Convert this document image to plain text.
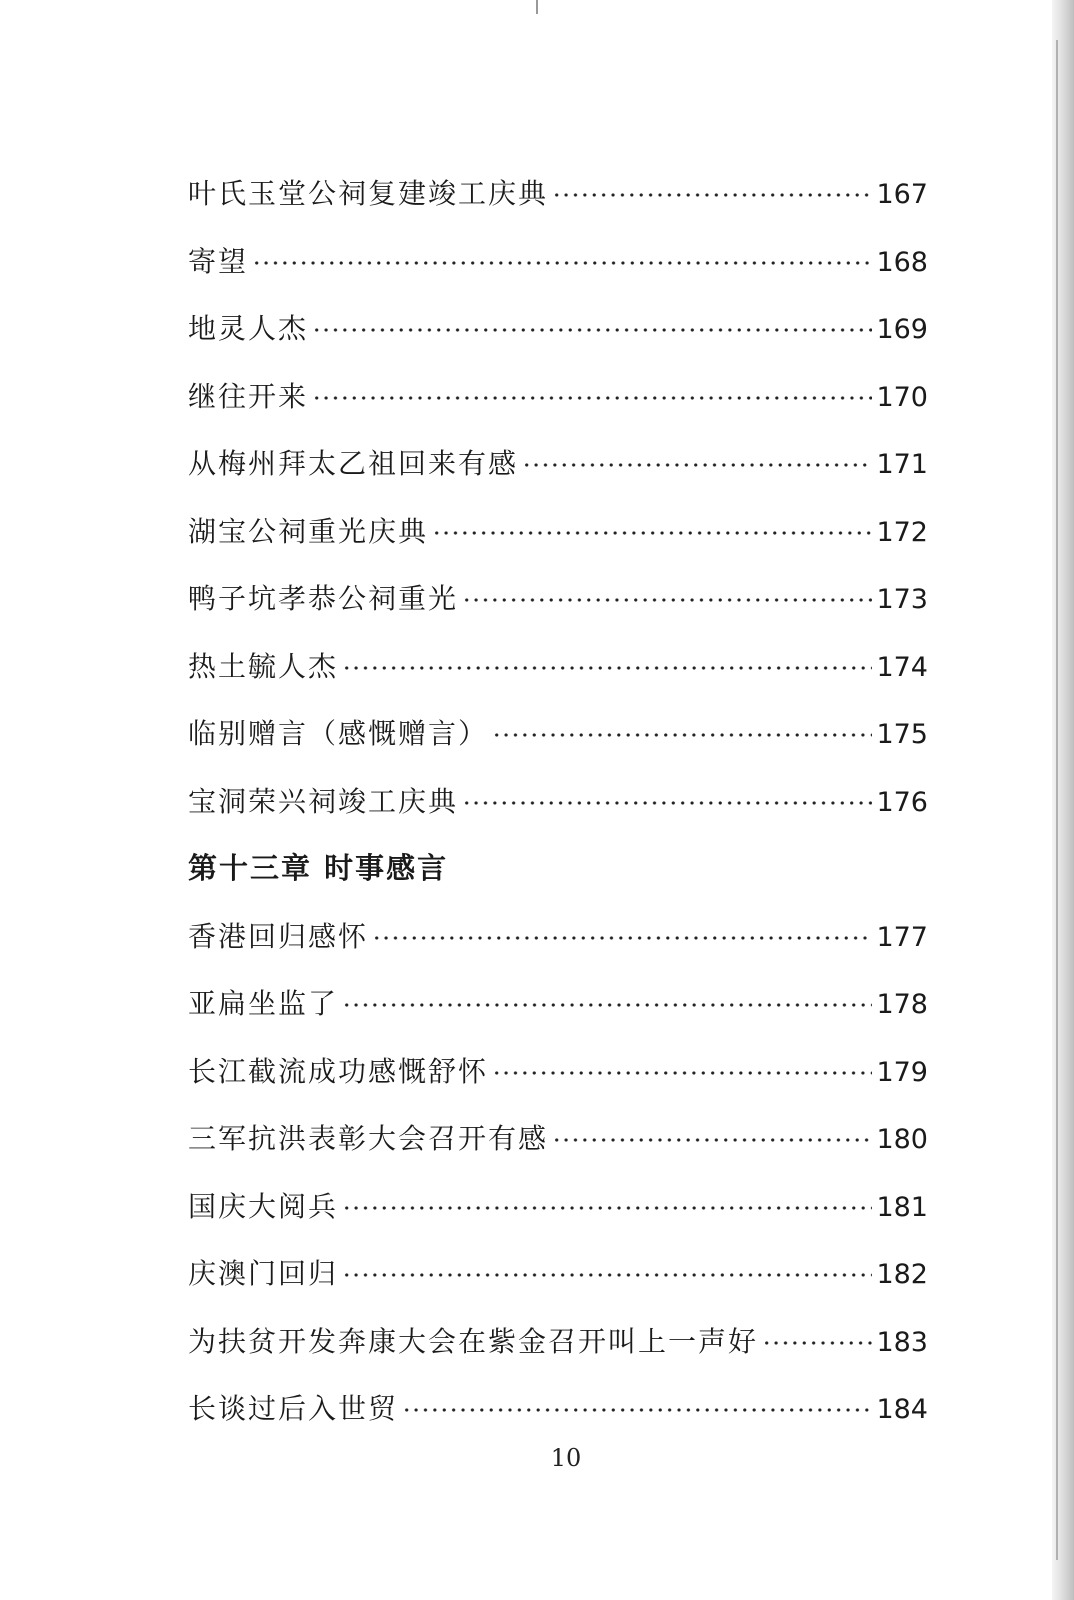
叶氏玉堂公祠复建竣工庆典	167
寄望	168
地灵人杰	169
继往开来	170
从梅州拜太乙祖回来有感	171
湖宝公祠重光庆典	172
鸭子坑孝恭公祠重光	173
热土毓人杰	174
临别赠言（感慨赠言）	175
宝洞荣兴祠竣工庆典	176
第十三章 时事感言
香港回归感怀	177
亚扁坐监了	178
长江截流成功感慨舒怀	179
三军抗洪表彰大会召开有感	180
国庆大阅兵	181
庆澳门回归	182
为扶贫开发奔康大会在紫金召开叫上一声好	183
长谈过后入世贸	184
10
